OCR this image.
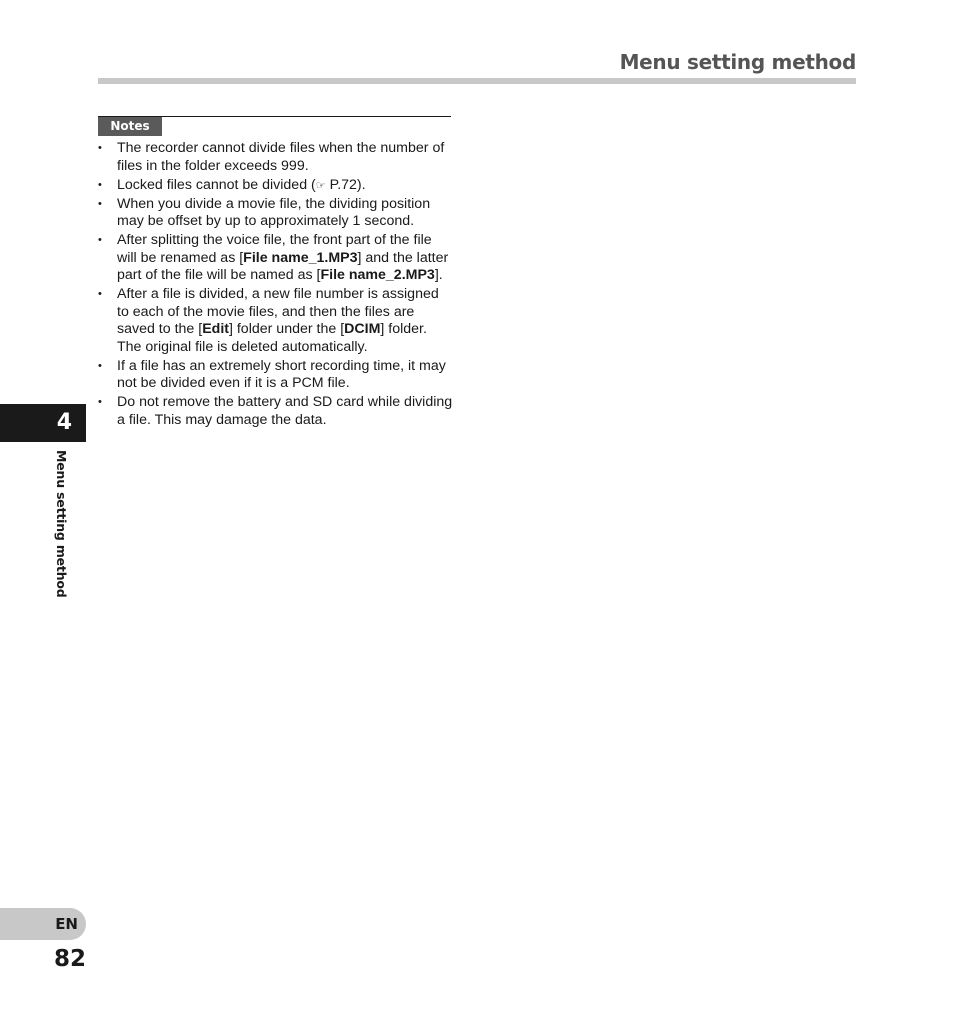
Menu setting method
Notes
• The recorder cannot divide files when the number of files in the folder exceeds 999.
• Locked files cannot be divided (☞ P.72).
• When you divide a movie file, the dividing position may be offset by up to approximately 1 second.
• After splitting the voice file, the front part of the file will be renamed as [File name_1.MP3] and the latter part of the file will be named as [File name_2.MP3].
• After a file is divided, a new file number is assigned to each of the movie files, and then the files are saved to the [Edit] folder under the [DCIM] folder. The original file is deleted automatically.
• If a file has an extremely short recording time, it may not be divided even if it is a PCM file.
• Do not remove the battery and SD card while dividing a file. This may damage the data.
4
Menu setting method
EN
82
